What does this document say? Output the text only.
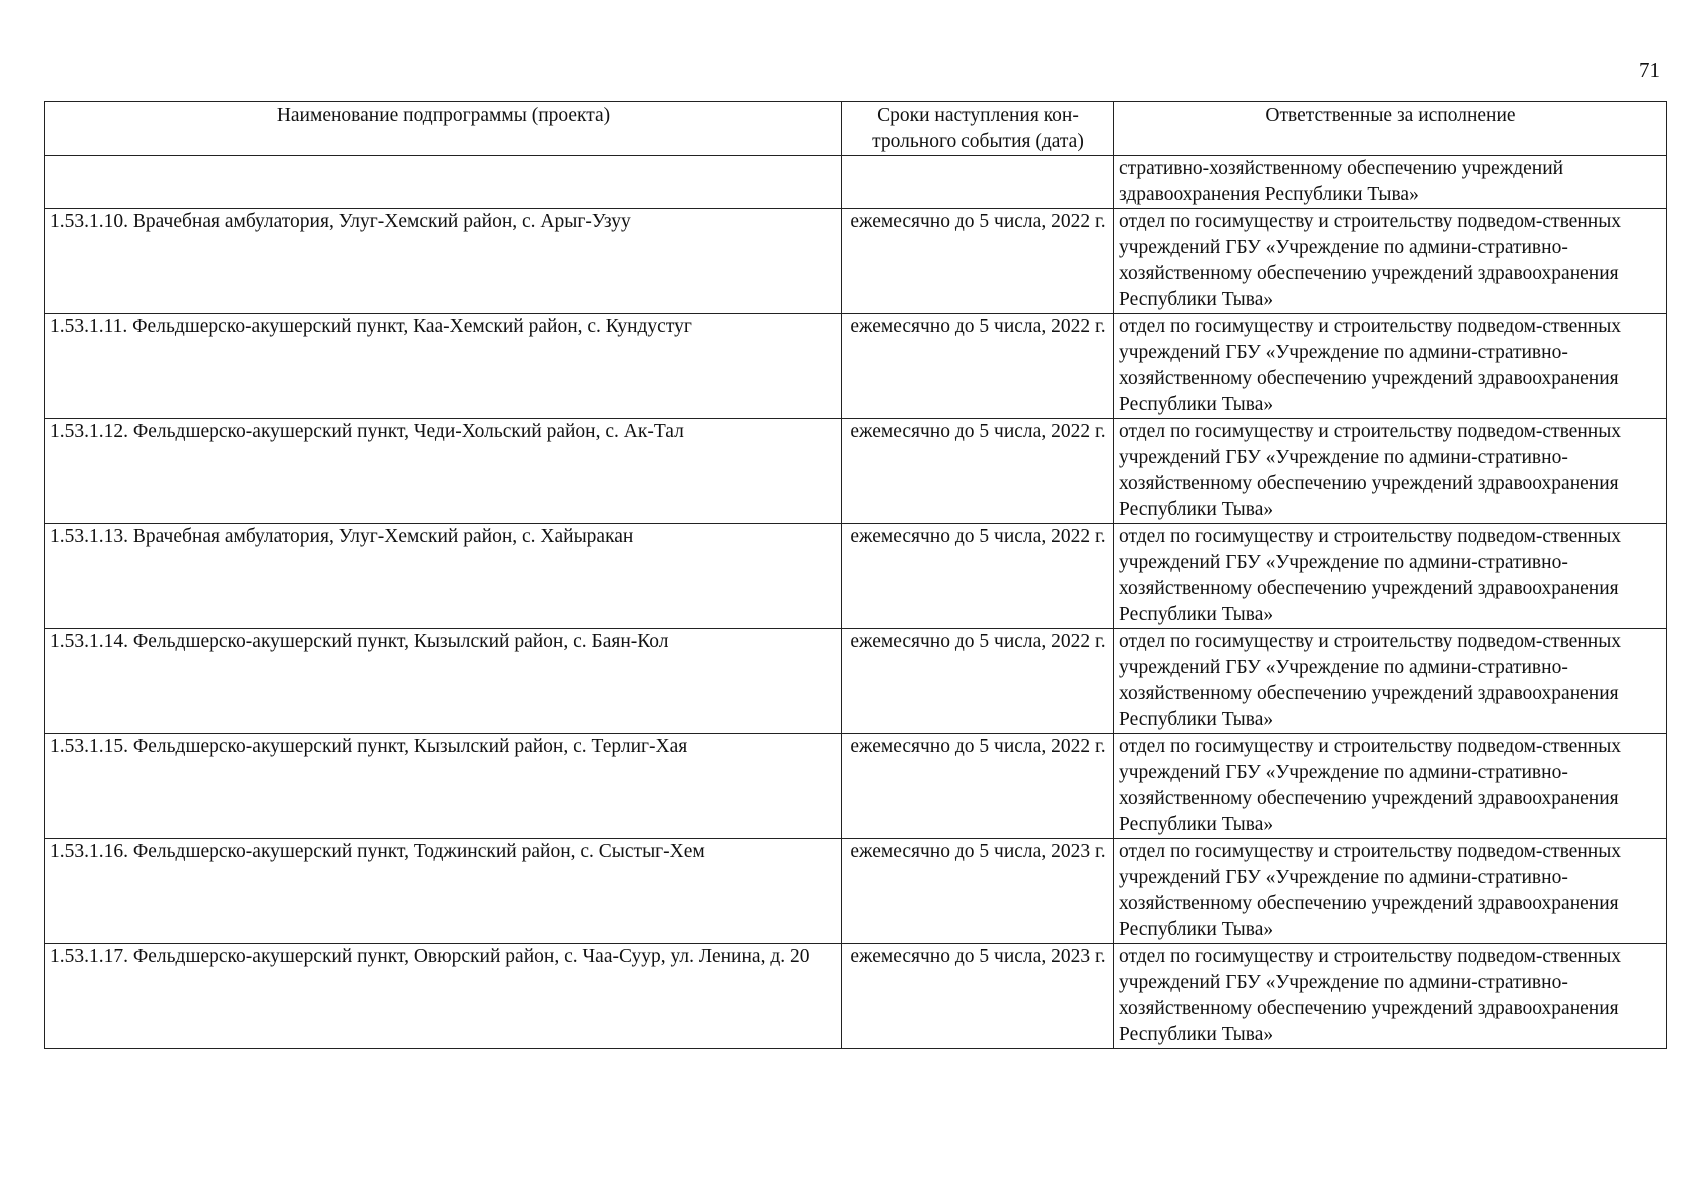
71
Наименование подпрограммы (проекта)	Сроки наступления кон-трольного события (дата)	Ответственные за исполнение
		стративно-хозяйственному обеспечению учреждений здравоохранения Республики Тыва»
1.53.1.10. Врачебная амбулатория, Улуг-Хемский район, с. Арыг-Узуу	ежемесячно до 5 числа, 2022 г.	отдел по госимуществу и строительству подведом-ственных учреждений ГБУ «Учреждение по админи-стративно-хозяйственному обеспечению учреждений здравоохранения Республики Тыва»
1.53.1.11. Фельдшерско-акушерский пункт, Каа-Хемский район, с. Кундустуг	ежемесячно до 5 числа, 2022 г.	отдел по госимуществу и строительству подведом-ственных учреждений ГБУ «Учреждение по админи-стративно-хозяйственному обеспечению учреждений здравоохранения Республики Тыва»
1.53.1.12. Фельдшерско-акушерский пункт, Чеди-Хольский район, с. Ак-Тал	ежемесячно до 5 числа, 2022 г.	отдел по госимуществу и строительству подведом-ственных учреждений ГБУ «Учреждение по админи-стративно-хозяйственному обеспечению учреждений здравоохранения Республики Тыва»
1.53.1.13. Врачебная амбулатория, Улуг-Хемский район, с. Хайыракан	ежемесячно до 5 числа, 2022 г.	отдел по госимуществу и строительству подведом-ственных учреждений ГБУ «Учреждение по админи-стративно-хозяйственному обеспечению учреждений здравоохранения Республики Тыва»
1.53.1.14. Фельдшерско-акушерский пункт, Кызылский район, с. Баян-Кол	ежемесячно до 5 числа, 2022 г.	отдел по госимуществу и строительству подведом-ственных учреждений ГБУ «Учреждение по админи-стративно-хозяйственному обеспечению учреждений здравоохранения Республики Тыва»
1.53.1.15. Фельдшерско-акушерский пункт, Кызылский район, с. Терлиг-Хая	ежемесячно до 5 числа, 2022 г.	отдел по госимуществу и строительству подведом-ственных учреждений ГБУ «Учреждение по админи-стративно-хозяйственному обеспечению учреждений здравоохранения Республики Тыва»
1.53.1.16. Фельдшерско-акушерский пункт, Тоджинский район, с. Сыстыг-Хем	ежемесячно до 5 числа, 2023 г.	отдел по госимуществу и строительству подведом-ственных учреждений ГБУ «Учреждение по админи-стративно-хозяйственному обеспечению учреждений здравоохранения Республики Тыва»
1.53.1.17. Фельдшерско-акушерский пункт, Овюрский район, с. Чаа-Суур, ул. Ленина, д. 20	ежемесячно до 5 числа, 2023 г.	отдел по госимуществу и строительству подведом-ственных учреждений ГБУ «Учреждение по админи-стративно-хозяйственному обеспечению учреждений здравоохранения Республики Тыва»
